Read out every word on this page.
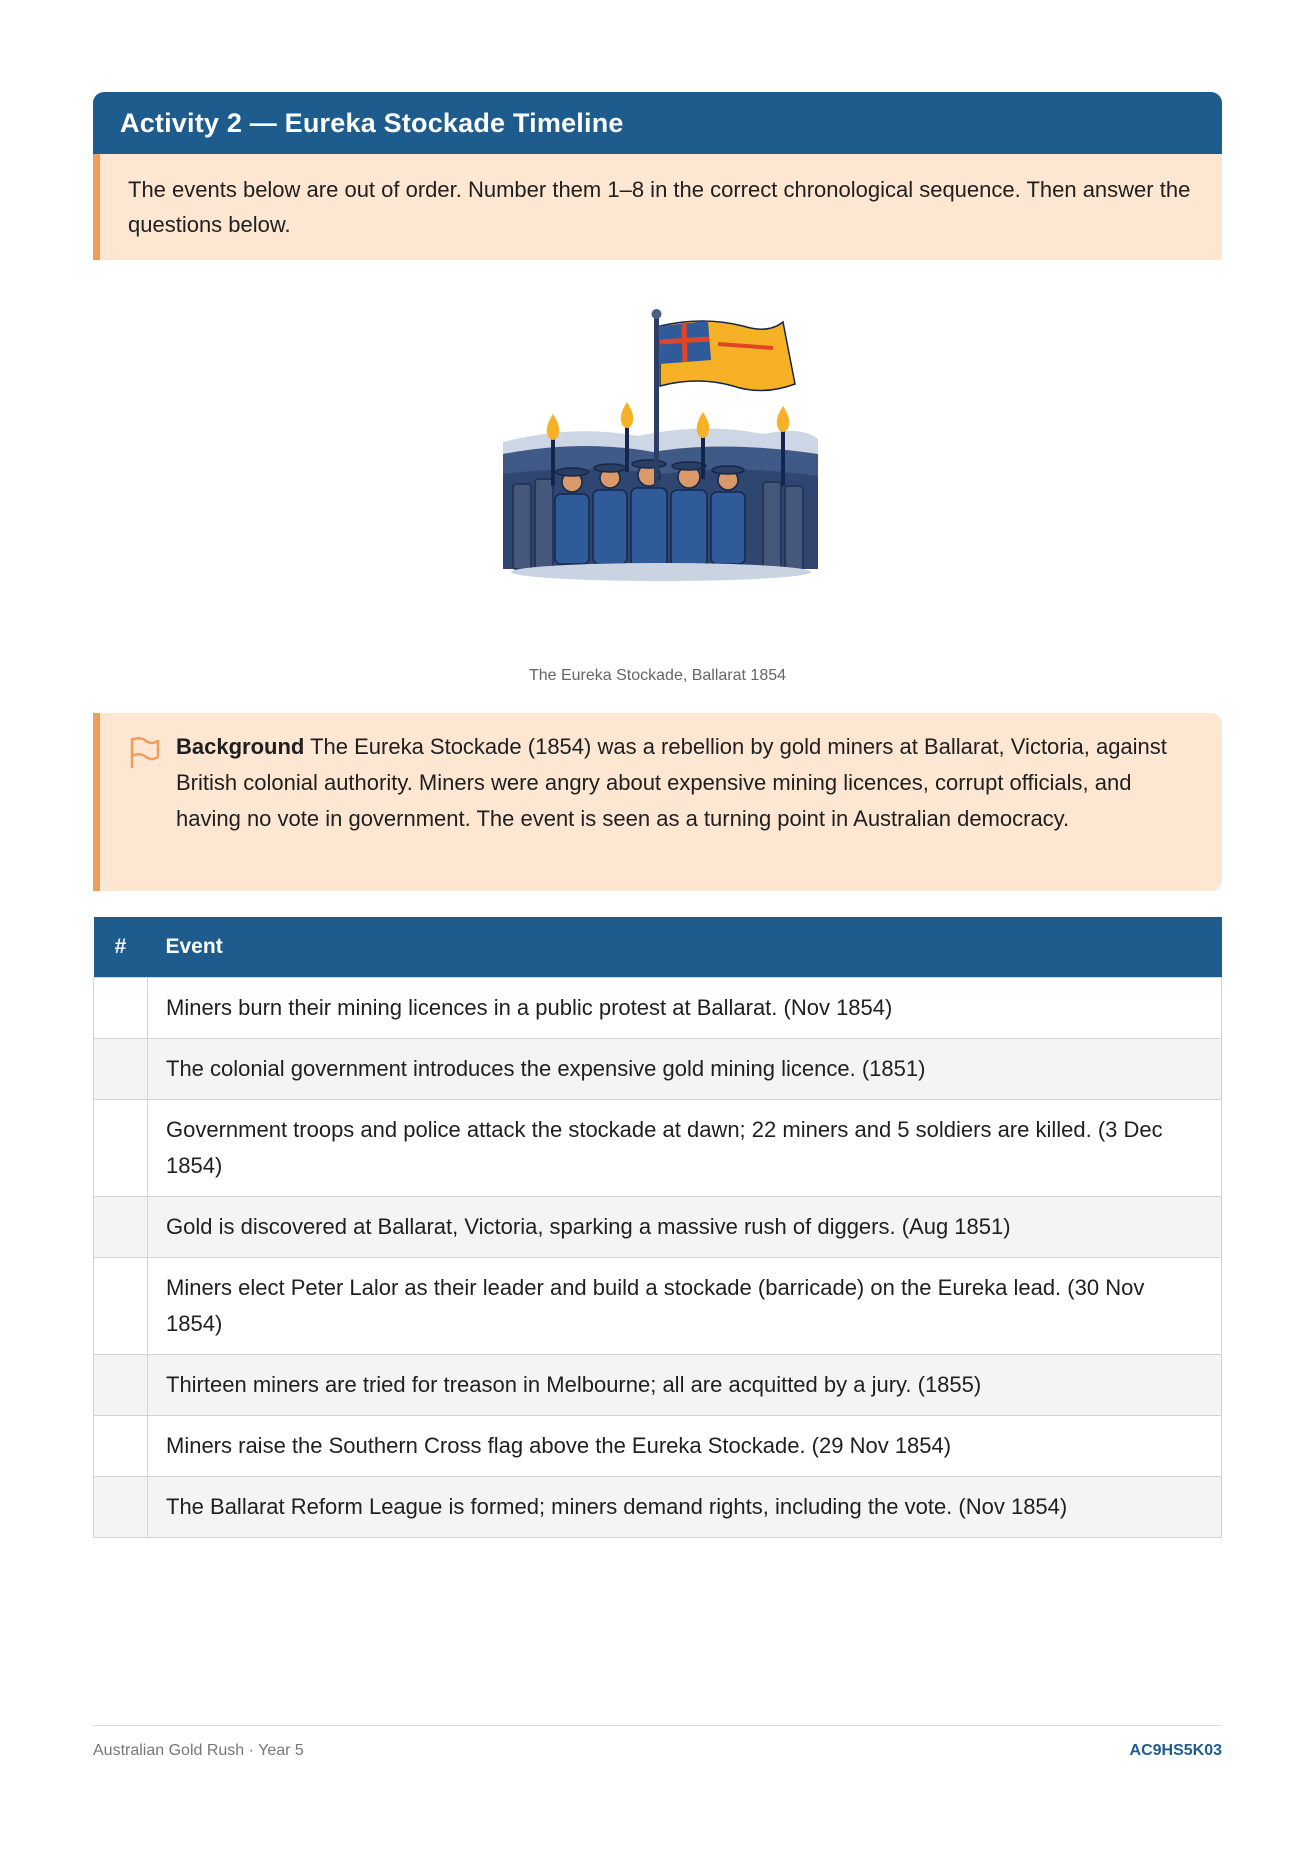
Activity 2 — Eureka Stockade Timeline
The events below are out of order. Number them 1–8 in the correct chronological sequence. Then answer the questions below.
The Eureka Stockade, Ballarat 1854
Background The Eureka Stockade (1854) was a rebellion by gold miners at Ballarat, Victoria, against British colonial authority. Miners were angry about expensive mining licences, corrupt officials, and having no vote in government. The event is seen as a turning point in Australian democracy.
#	Event
	Miners burn their mining licences in a public protest at Ballarat. (Nov 1854)
	The colonial government introduces the expensive gold mining licence. (1851)
	Government troops and police attack the stockade at dawn; 22 miners and 5 soldiers are killed. (3 Dec 1854)
	Gold is discovered at Ballarat, Victoria, sparking a massive rush of diggers. (Aug 1851)
	Miners elect Peter Lalor as their leader and build a stockade (barricade) on the Eureka lead. (30 Nov 1854)
	Thirteen miners are tried for treason in Melbourne; all are acquitted by a jury. (1855)
	Miners raise the Southern Cross flag above the Eureka Stockade. (29 Nov 1854)
	The Ballarat Reform League is formed; miners demand rights, including the vote. (Nov 1854)
Australian Gold Rush · Year 5	AC9HS5K03
